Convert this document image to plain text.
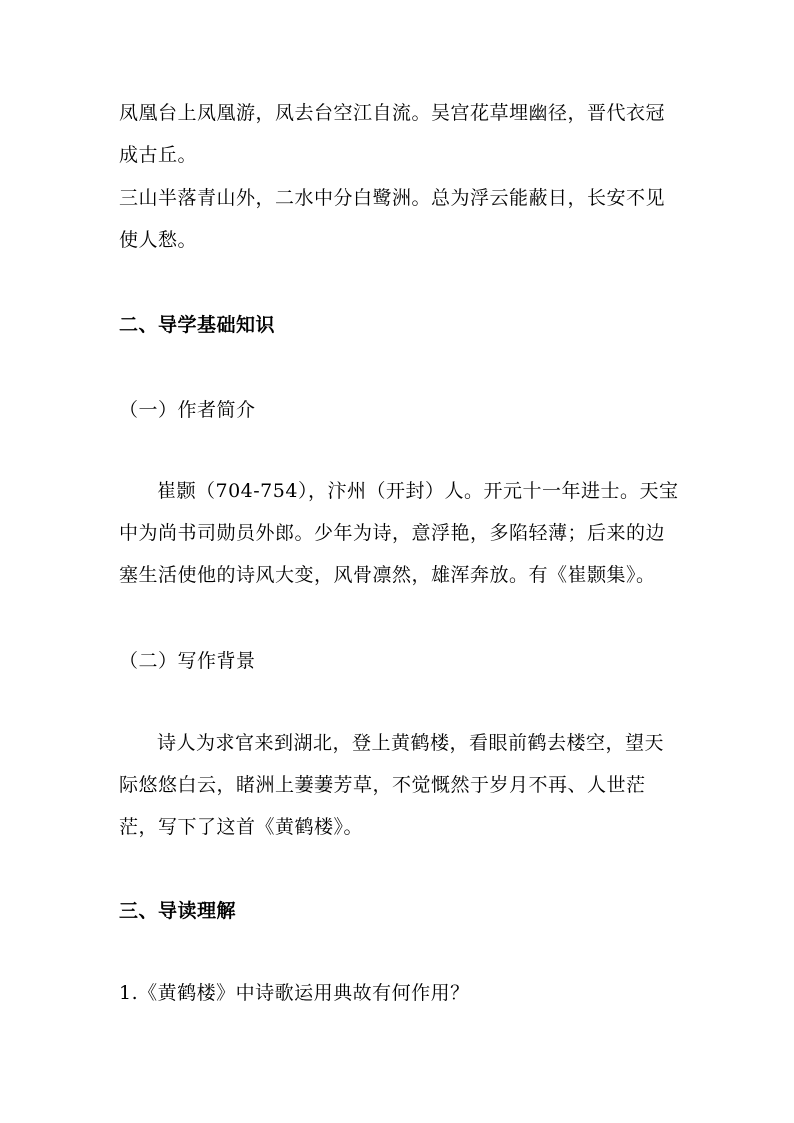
凤凰台上凤凰游，凤去台空江自流。吴宫花草埋幽径，晋代衣冠成古丘。
三山半落青山外，二水中分白鹭洲。总为浮云能蔽日，长安不见使人愁。
二、导学基础知识
（一）作者简介
崔颢（704-754），汴州（开封）人。开元十一年进士。天宝中为尚书司勋员外郎。少年为诗，意浮艳，多陷轻薄；后来的边塞生活使他的诗风大变，风骨凛然，雄浑奔放。有《崔颢集》。
（二）写作背景
诗人为求官来到湖北，登上黄鹤楼，看眼前鹤去楼空，望天际悠悠白云，睹洲上萋萋芳草，不觉慨然于岁月不再、人世茫茫，写下了这首《黄鹤楼》。
三、导读理解
1.《黄鹤楼》中诗歌运用典故有何作用？
